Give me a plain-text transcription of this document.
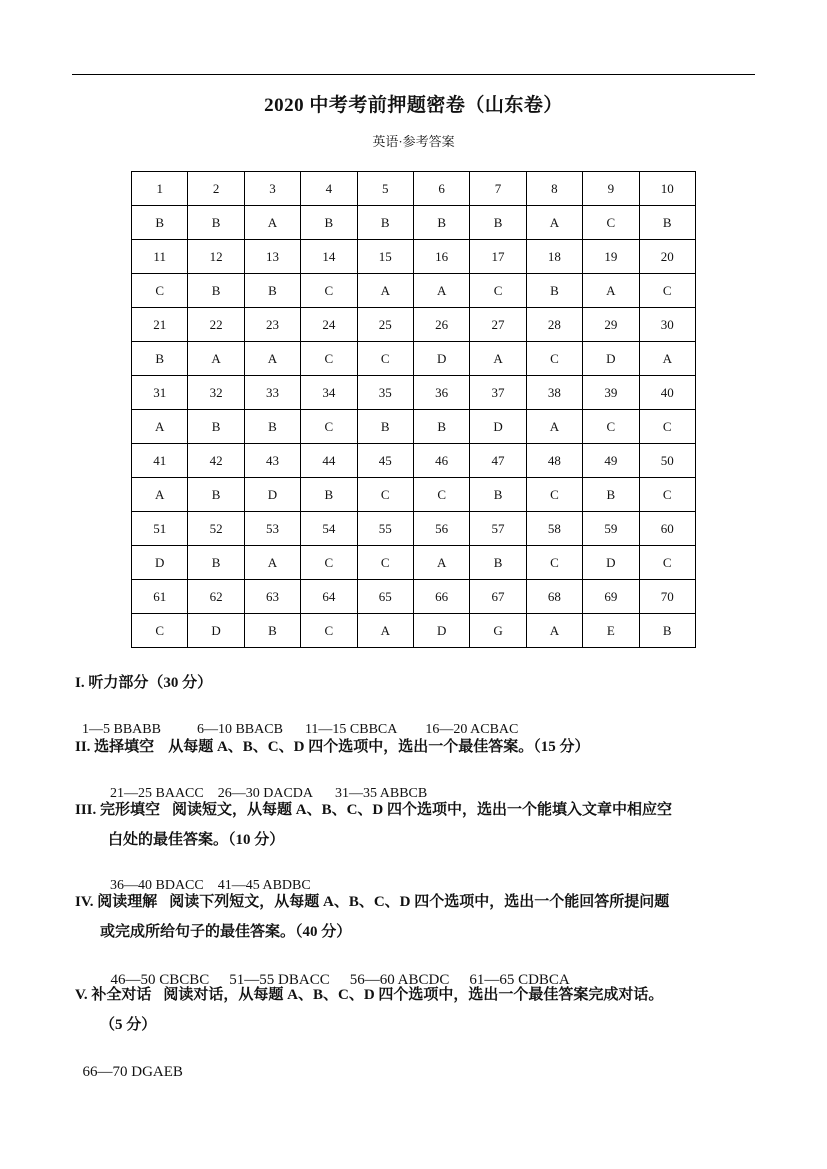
2020 中考考前押题密卷（山东卷）
英语·参考答案
1	2	3	4	5	6	7	8	9	10
B	B	A	B	B	B	B	A	C	B
11	12	13	14	15	16	17	18	19	20
C	B	B	C	A	A	C	B	A	C
21	22	23	24	25	26	27	28	29	30
B	A	A	C	C	D	A	C	D	A
31	32	33	34	35	36	37	38	39	40
A	B	B	C	B	B	D	A	C	C
41	42	43	44	45	46	47	48	49	50
A	B	D	B	C	C	B	C	B	C
51	52	53	54	55	56	57	58	59	60
D	B	A	C	C	A	B	C	D	C
61	62	63	64	65	66	67	68	69	70
C	D	B	C	A	D	G	A	E	B
I. 听力部分（30 分）

1—5 BBABB	6—10 BBACB 11—15 CBBCA 16—20 ACBAC

II. 选择填空 从每题 A、B、C、D 四个选项中，选出一个最佳答案。（15 分）

21—25 BAACC 26—30 DACDA 31—35 ABBCB

III. 完形填空 阅读短文，从每题 A、B、C、D 四个选项中，选出一个能填入文章中相应空
白处的最佳答案。（10 分）

36—40 BDACC 41—45 ABDBC

IV. 阅读理解 阅读下列短文，从每题 A、B、C、D 四个选项中，选出一个能回答所提问题
或完成所给句子的最佳答案。（40 分）

46—50 CBCBC 51—55 DBACC 56—60 ABCDC 61—65 CDBCA

V. 补全对话 阅读对话，从每题 A、B、C、D 四个选项中，选出一个最佳答案完成对话。
（5 分）

66—70 DGAEB
